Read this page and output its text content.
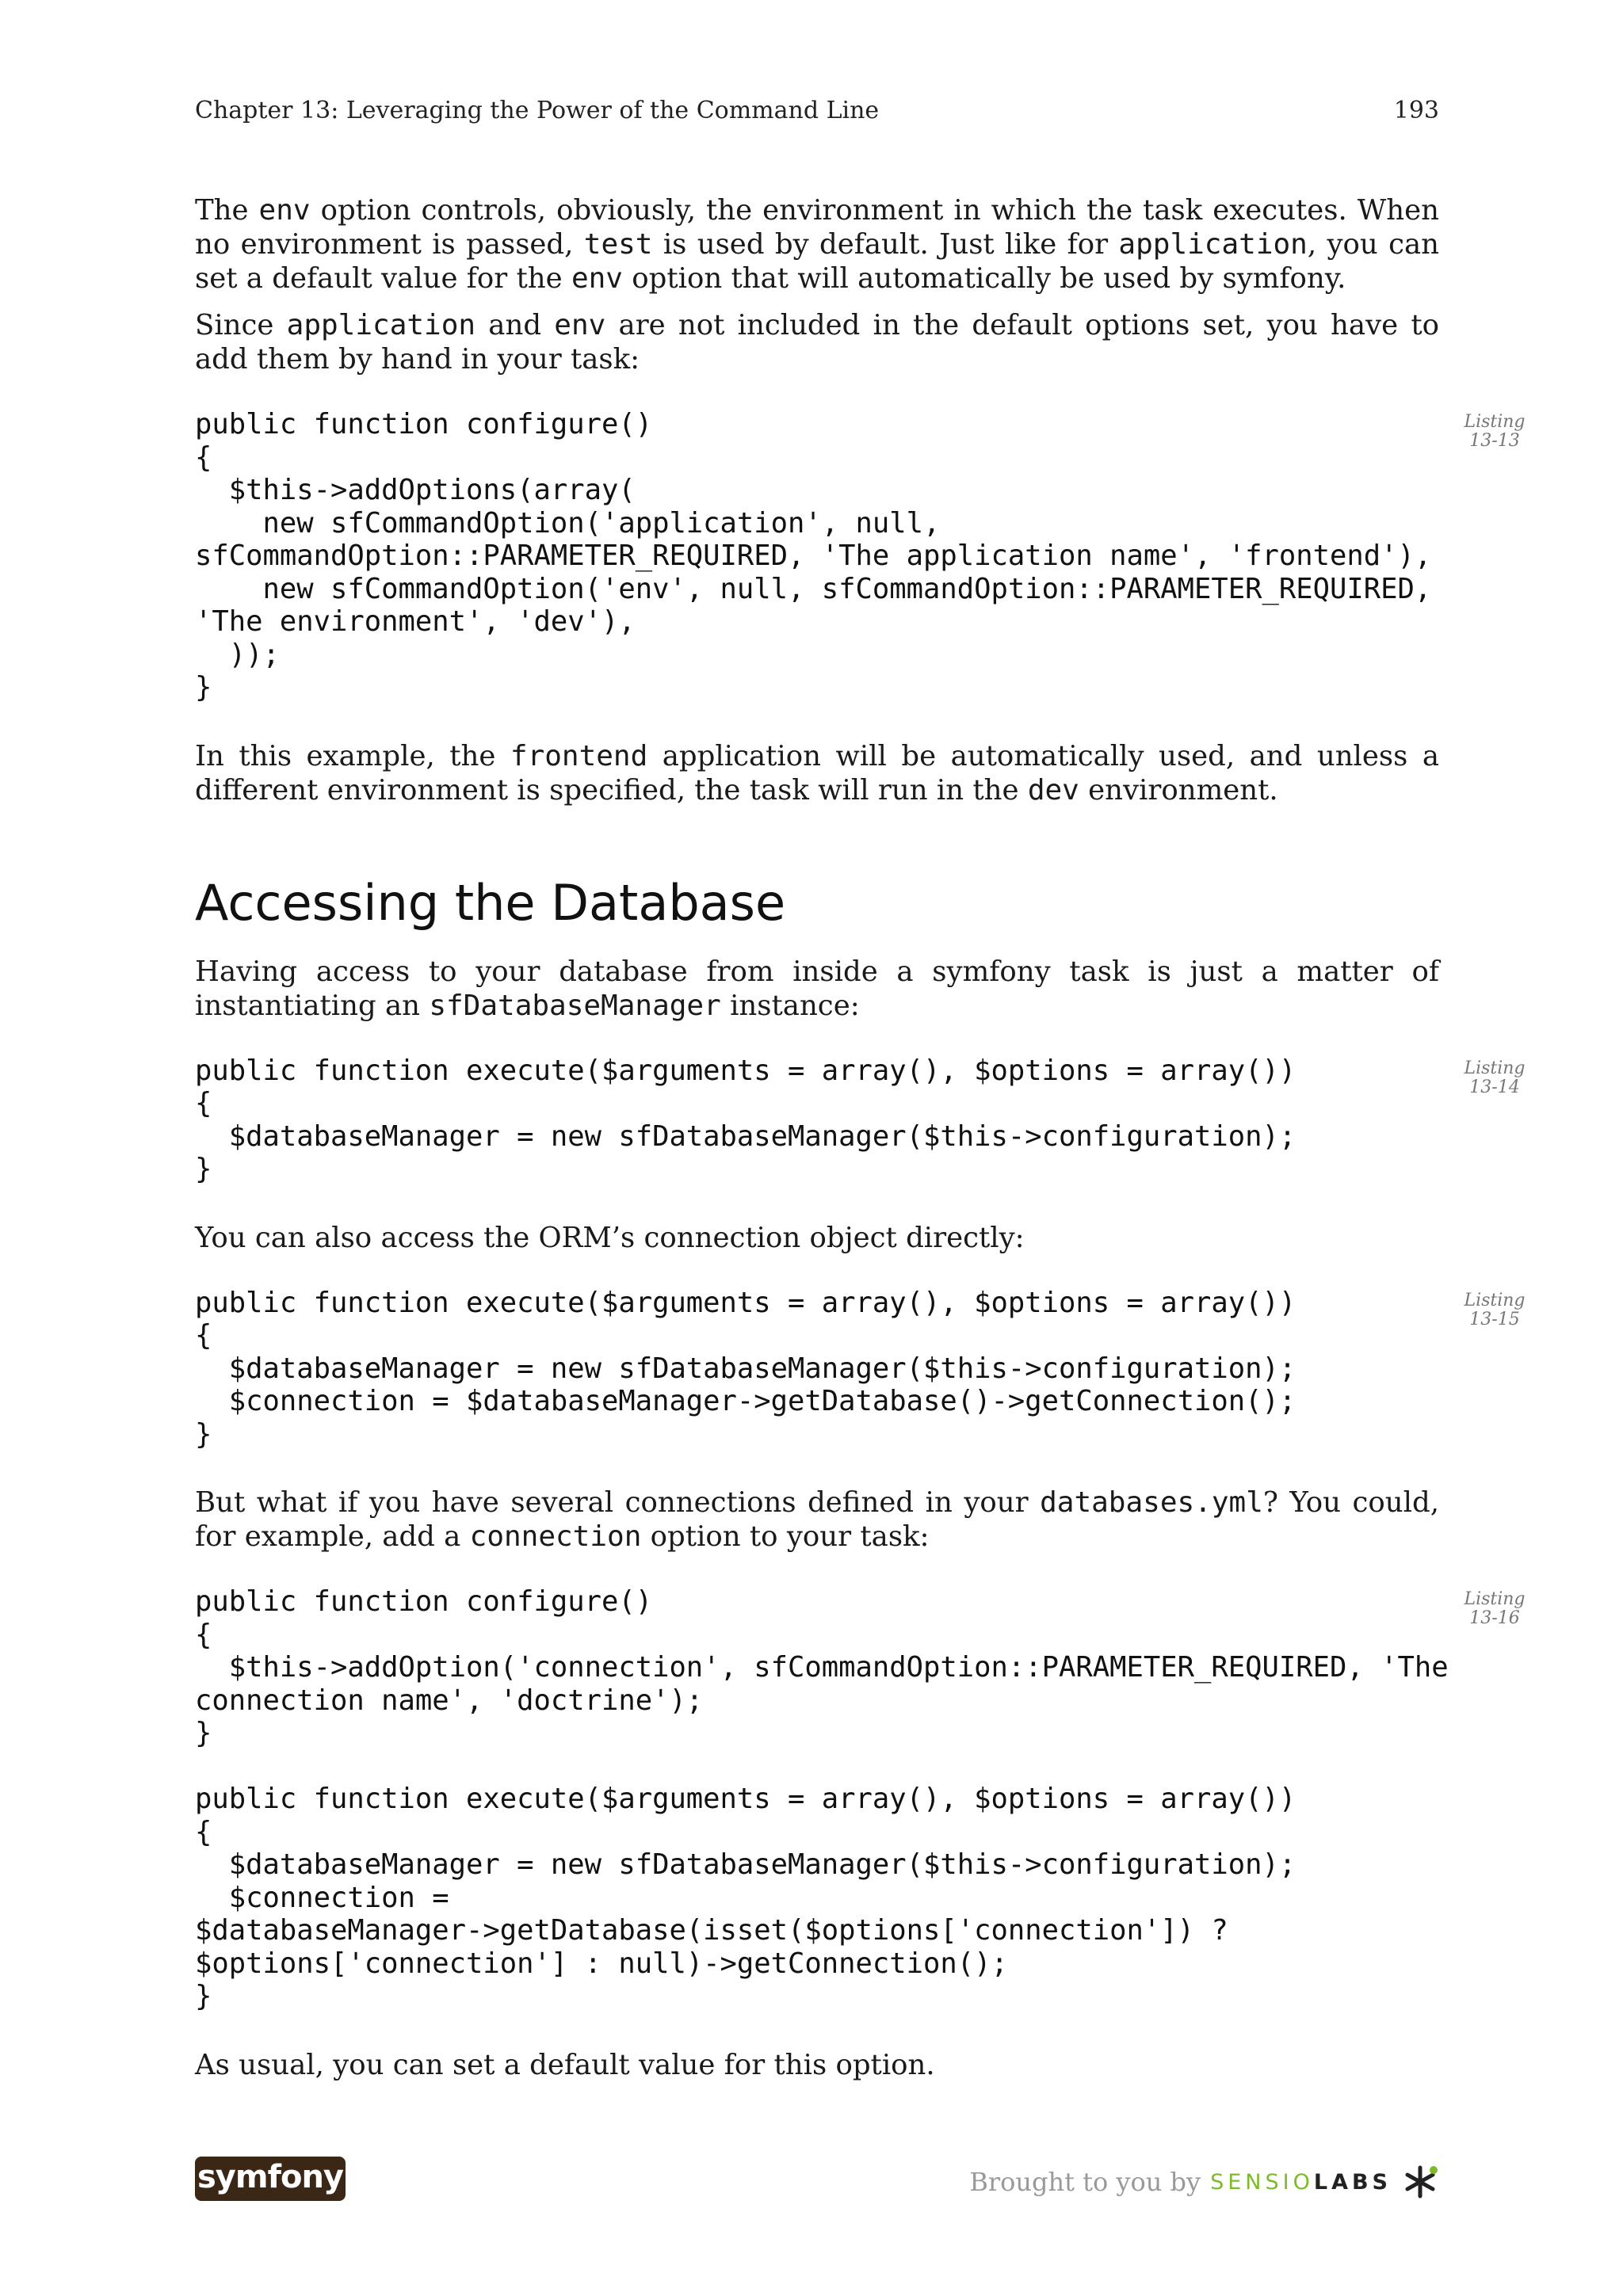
Chapter 13: Leveraging the Power of the Command Line	193

The env option controls, obviously, the environment in which the task executes. When no environment is passed, test is used by default. Just like for application, you can set a default value for the env option that will automatically be used by symfony.

Since application and env are not included in the default options set, you have to add them by hand in your task:

public function configure()
{
$this->addOptions(array(
new sfCommandOption('application', null,
sfCommandOption::PARAMETER_REQUIRED, 'The application name', 'frontend'),
new sfCommandOption('env', null, sfCommandOption::PARAMETER_REQUIRED,
'The environment', 'dev'),
));
}
Listing
13-13

In this example, the frontend application will be automatically used, and unless a different environment is specified, the task will run in the dev environment.

Accessing the Database

Having access to your database from inside a symfony task is just a matter of instantiating an sfDatabaseManager instance:

public function execute($arguments = array(), $options = array())
{
$databaseManager = new sfDatabaseManager($this->configuration);
}
Listing
13-14

You can also access the ORM’s connection object directly:

public function execute($arguments = array(), $options = array())
{
$databaseManager = new sfDatabaseManager($this->configuration);
$connection = $databaseManager->getDatabase()->getConnection();
}
Listing
13-15

But what if you have several connections defined in your databases.yml? You could, for example, add a connection option to your task:

public function configure()
{
$this->addOption('connection', sfCommandOption::PARAMETER_REQUIRED, 'The
connection name', 'doctrine');
}

public function execute($arguments = array(), $options = array())
{
$databaseManager = new sfDatabaseManager($this->configuration);
$connection =
$databaseManager->getDatabase(isset($options['connection']) ?
$options['connection'] : null)->getConnection();
}
Listing
13-16

As usual, you can set a default value for this option.

symfony	Brought to you by SENSIO LABS
